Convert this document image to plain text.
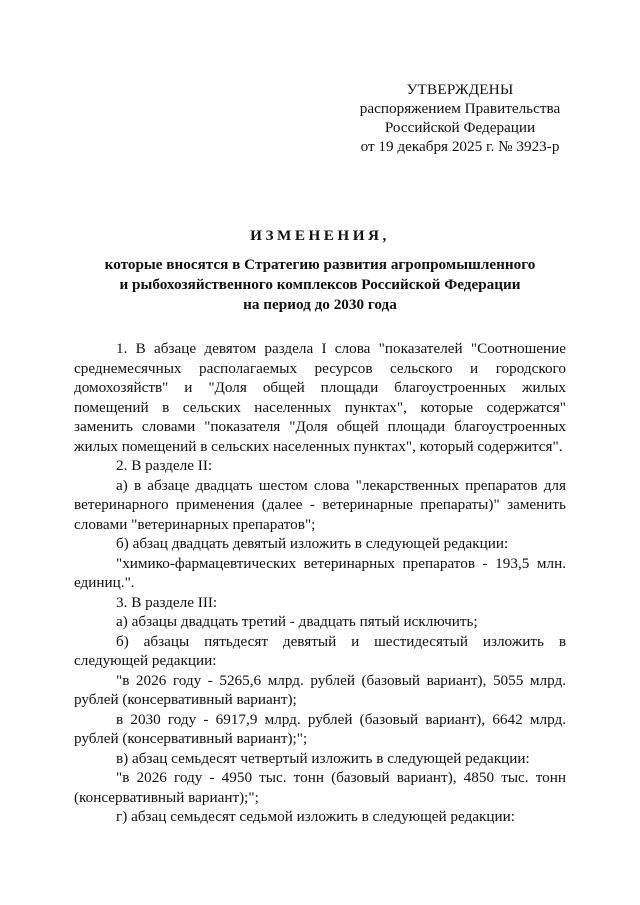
УТВЕРЖДЕНЫ
распоряжением Правительства
Российской Федерации
от 19 декабря 2025 г. № 3923-р
ИЗМЕНЕНИЯ,
которые вносятся в Стратегию развития агропромышленного
и рыбохозяйственного комплексов Российской Федерации
на период до 2030 года

1. В абзаце девятом раздела I слова "показателей "Соотношение среднемесячных располагаемых ресурсов сельского и городского домохозяйств" и "Доля общей площади благоустроенных жилых помещений в сельских населенных пунктах", которые содержатся" заменить словами "показателя "Доля общей площади благоустроенных жилых помещений в сельских населенных пунктах", который содержится".

2. В разделе II:

а) в абзаце двадцать шестом слова "лекарственных препаратов для ветеринарного применения (далее - ветеринарные препараты)" заменить словами "ветеринарных препаратов";

б) абзац двадцать девятый изложить в следующей редакции:

"химико-фармацевтических ветеринарных препаратов - 193,5 млн. единиц.".

3. В разделе III:

а) абзацы двадцать третий - двадцать пятый исключить;

б) абзацы пятьдесят девятый и шестидесятый изложить в следующей редакции:

"в 2026 году - 5265,6 млрд. рублей (базовый вариант), 5055 млрд. рублей (консервативный вариант);

в 2030 году - 6917,9 млрд. рублей (базовый вариант), 6642 млрд. рублей (консервативный вариант);";

в) абзац семьдесят четвертый изложить в следующей редакции:

"в 2026 году - 4950 тыс. тонн (базовый вариант), 4850 тыс. тонн (консервативный вариант);";

г) абзац семьдесят седьмой изложить в следующей редакции:
